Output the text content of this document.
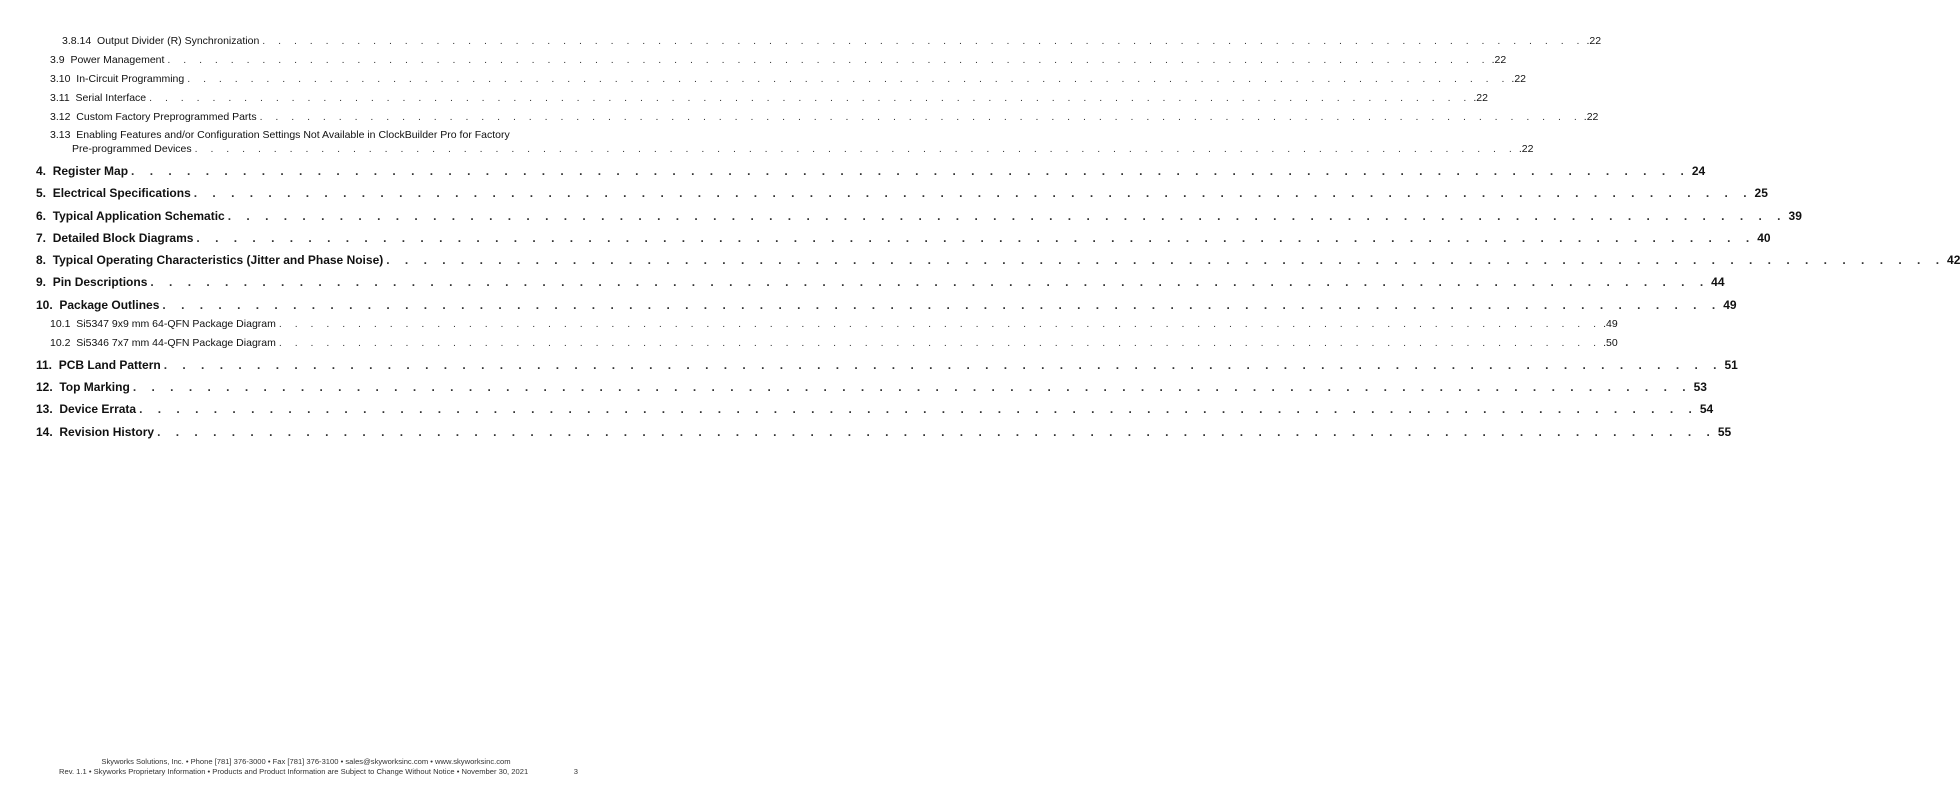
3.8.14 Output Divider (R) Synchronization . . . . . . . . . . . . . . . . . . . . . . . . . . . . . . . . . . . . . . . . . . . . . . . . . . . . . . . . . . . . . . . . . . . . . . . . . . . . . . . . . . . . .22
3.9 Power Management . . . . . . . . . . . . . . . . . . . . . . . . . . . . . . . . . . . . . . . . . . . . . . . . . . . . . . . . . . . . . . . . . . . . . . . . . . . . . . . . . . . . .22
3.10 In-Circuit Programming . . . . . . . . . . . . . . . . . . . . . . . . . . . . . . . . . . . . . . . . . . . . . . . . . . . . . . . . . . . . . . . . . . . . . . . . . . . . . . . . . . . . .22
3.11 Serial Interface . . . . . . . . . . . . . . . . . . . . . . . . . . . . . . . . . . . . . . . . . . . . . . . . . . . . . . . . . . . . . . . . . . . . . . . . . . . . . . . . . . . . .22
3.12 Custom Factory Preprogrammed Parts . . . . . . . . . . . . . . . . . . . . . . . . . . . . . . . . . . . . . . . . . . . . . . . . . . . . . . . . . . . . . . . . . . . . . . . . . . . . . . . . . . . . .22
3.13 Enabling Features and/or Configuration Settings Not Available in ClockBuilder Pro for Factory
Pre-programmed Devices . . . . . . . . . . . . . . . . . . . . . . . . . . . . . . . . . . . . . . . . . . . . . . . . . . . . . . . . . . . . . . . . . . . . . . . . . . . . . . . . . . . . .22
4. Register Map . . . . . . . . . . . . . . . . . . . . . . . . . . . . . . . . . . . . . . . . . . . . . . . . . . . . . . . . . . . . . . . . . . . . . . . . . . . . . . . . . . . . 24
5. Electrical Specifications . . . . . . . . . . . . . . . . . . . . . . . . . . . . . . . . . . . . . . . . . . . . . . . . . . . . . . . . . . . . . . . . . . . . . . . . . . . . . . . . . . . . 25
6. Typical Application Schematic . . . . . . . . . . . . . . . . . . . . . . . . . . . . . . . . . . . . . . . . . . . . . . . . . . . . . . . . . . . . . . . . . . . . . . . . . . . . . . . . . . . . 39
7. Detailed Block Diagrams . . . . . . . . . . . . . . . . . . . . . . . . . . . . . . . . . . . . . . . . . . . . . . . . . . . . . . . . . . . . . . . . . . . . . . . . . . . . . . . . . . . . 40
8. Typical Operating Characteristics (Jitter and Phase Noise) . . . . . . . . . . . . . . . . . . . . . . . . . . . . . . . . . . . . . . . . . . . . . . . . . . . . . . . . . . . . . . . . . . . . . . . . . . . . . . . . . . . . 42
9. Pin Descriptions . . . . . . . . . . . . . . . . . . . . . . . . . . . . . . . . . . . . . . . . . . . . . . . . . . . . . . . . . . . . . . . . . . . . . . . . . . . . . . . . . . . . 44
10. Package Outlines . . . . . . . . . . . . . . . . . . . . . . . . . . . . . . . . . . . . . . . . . . . . . . . . . . . . . . . . . . . . . . . . . . . . . . . . . . . . . . . . . . . . 49
10.1 Si5347 9x9 mm 64-QFN Package Diagram . . . . . . . . . . . . . . . . . . . . . . . . . . . . . . . . . . . . . . . . . . . . . . . . . . . . . . . . . . . . . . . . . . . . . . . . . . . . . . . . . . . . .49
10.2 Si5346 7x7 mm 44-QFN Package Diagram . . . . . . . . . . . . . . . . . . . . . . . . . . . . . . . . . . . . . . . . . . . . . . . . . . . . . . . . . . . . . . . . . . . . . . . . . . . . . . . . . . . . .50
11. PCB Land Pattern . . . . . . . . . . . . . . . . . . . . . . . . . . . . . . . . . . . . . . . . . . . . . . . . . . . . . . . . . . . . . . . . . . . . . . . . . . . . . . . . . . . . 51
12. Top Marking . . . . . . . . . . . . . . . . . . . . . . . . . . . . . . . . . . . . . . . . . . . . . . . . . . . . . . . . . . . . . . . . . . . . . . . . . . . . . . . . . . . . 53
13. Device Errata . . . . . . . . . . . . . . . . . . . . . . . . . . . . . . . . . . . . . . . . . . . . . . . . . . . . . . . . . . . . . . . . . . . . . . . . . . . . . . . . . . . . 54
14. Revision History . . . . . . . . . . . . . . . . . . . . . . . . . . . . . . . . . . . . . . . . . . . . . . . . . . . . . . . . . . . . . . . . . . . . . . . . . . . . . . . . . . . . 55
Skyworks Solutions, Inc. • Phone [781] 376-3000 • Fax [781] 376-3100 • sales@skyworksinc.com • www.skyworksinc.com
Rev. 1.1 • Skyworks Proprietary Information • Products and Product Information are Subject to Change Without Notice • November 30, 2021	3
